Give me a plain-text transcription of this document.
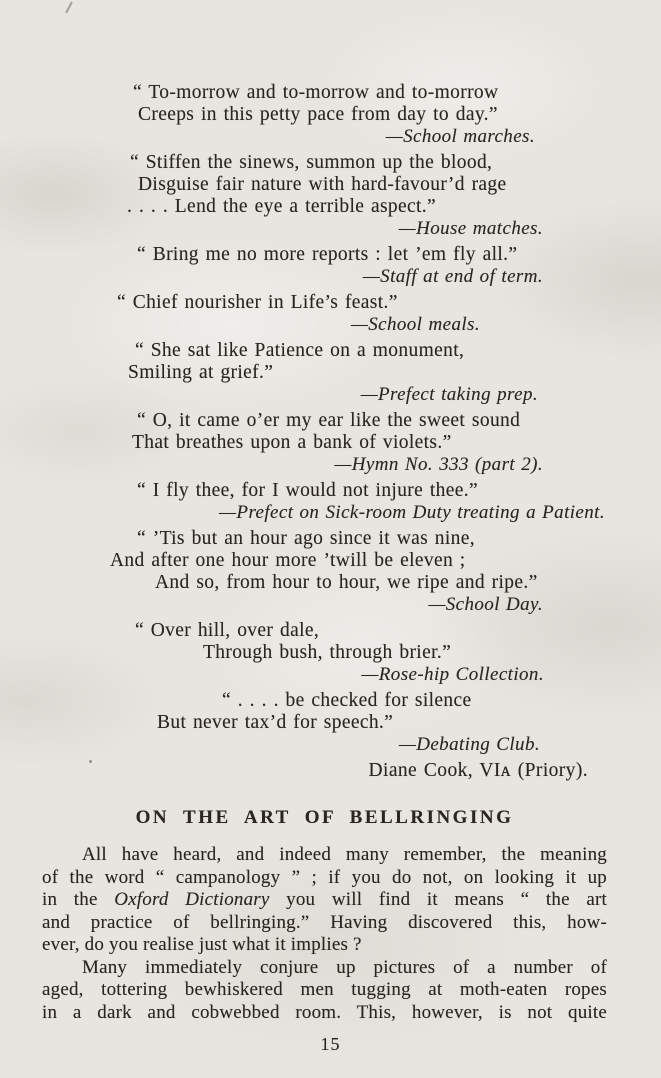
“ To-morrow and to-morrow and to-morrow
Creeps in this petty pace from day to day.”
—School marches.
“ Stiffen the sinews, summon up the blood,
Disguise fair nature with hard-favour’d rage
. . . . Lend the eye a terrible aspect.”
—House matches.
“ Bring me no more reports : let ’em fly all.”
—Staff at end of term.
“ Chief nourisher in Life’s feast.”
—School meals.
“ She sat like Patience on a monument,
Smiling at grief.”
—Prefect taking prep.
“ O, it came o’er my ear like the sweet sound
That breathes upon a bank of violets.”
—Hymn No. 333 (part 2).
“ I fly thee, for I would not injure thee.”
—Prefect on Sick-room Duty treating a Patient.
“ ’Tis but an hour ago since it was nine,
And after one hour more ’twill be eleven ;
And so, from hour to hour, we ripe and ripe.”
—School Day.
“ Over hill, over dale,
Through bush, through brier.”
—Rose-hip Collection.
“ . . . . be checked for silence
But never tax’d for speech.”
—Debating Club.
Diane Cook, VIᴀ (Priory).
ON THE ART OF BELLRINGING
All have heard, and indeed many remember, the meaning
of the word “ campanology ” ; if you do not, on looking it up
in the Oxford Dictionary you will find it means “ the art
and practice of bellringing.” Having discovered this, how-
ever, do you realise just what it implies ?
Many immediately conjure up pictures of a number of
aged, tottering bewhiskered men tugging at moth-eaten ropes
in a dark and cobwebbed room. This, however, is not quite
15
